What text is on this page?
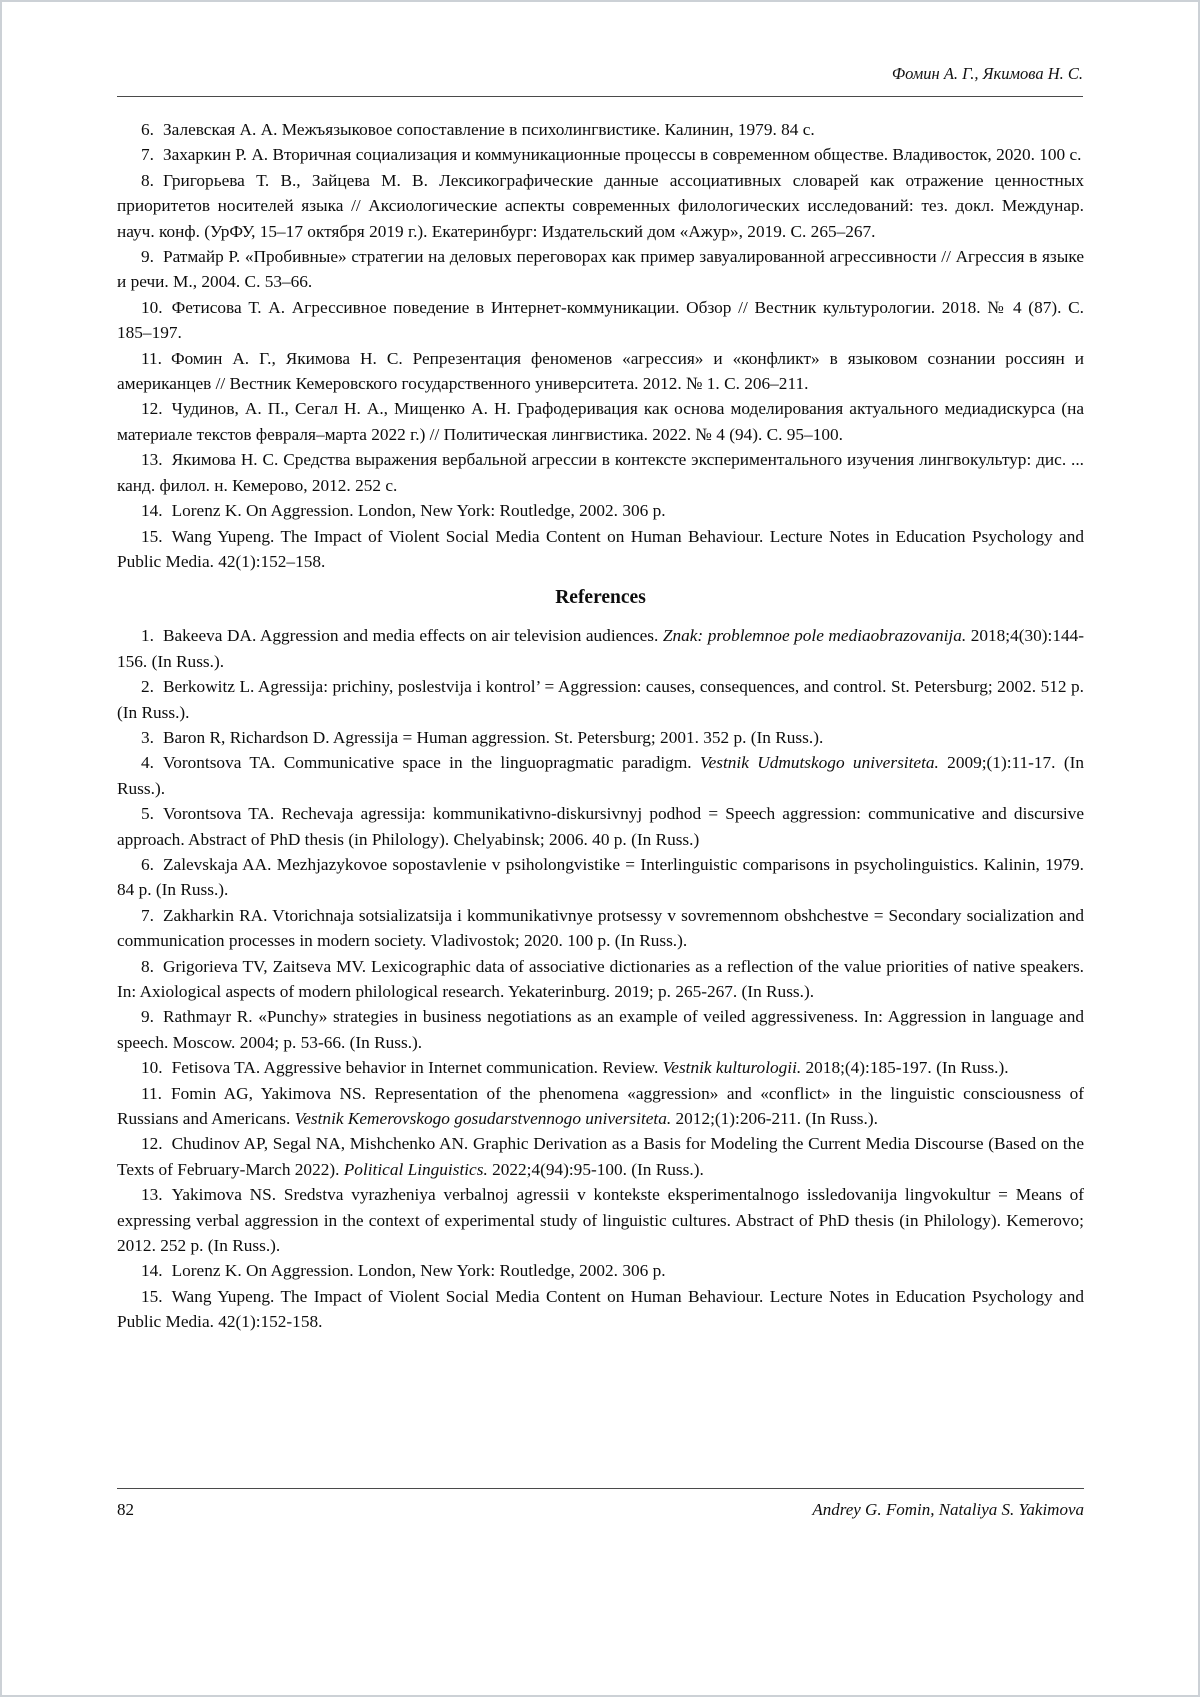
Фомин А. Г., Якимова Н. С.

6. Залевская А. А. Межъязыковое сопоставление в психолингвистике. Калинин, 1979. 84 с.

7. Захаркин Р. А. Вторичная социализация и коммуникационные процессы в современном обществе. Владивосток, 2020. 100 с.

8. Григорьева Т. В., Зайцева М. В. Лексикографические данные ассоциативных словарей как отражение ценностных приоритетов носителей языка // Аксиологические аспекты современных филологических исследований: тез. докл. Междунар. науч. конф. (УрФУ, 15–17 октября 2019 г.). Екатеринбург: Издательский дом «Ажур», 2019. С. 265–267.

9. Ратмайр Р. «Пробивные» стратегии на деловых переговорах как пример завуалированной агрессивности // Агрессия в языке и речи. М., 2004. С. 53–66.

10. Фетисова Т. А. Агрессивное поведение в Интернет-коммуникации. Обзор // Вестник культурологии. 2018. № 4 (87). С. 185–197.

11. Фомин А. Г., Якимова Н. С. Репрезентация феноменов «агрессия» и «конфликт» в языковом сознании россиян и американцев // Вестник Кемеровского государственного университета. 2012. № 1. С. 206–211.

12. Чудинов, А. П., Сегал Н. А., Мищенко А. Н. Графодеривация как основа моделирования актуального медиадискурса (на материале текстов февраля–марта 2022 г.) // Политическая лингвистика. 2022. № 4 (94). С. 95–100.

13. Якимова Н. С. Средства выражения вербальной агрессии в контексте экспериментального изучения лингвокультур: дис. ... канд. филол. н. Кемерово, 2012. 252 с.

14. Lorenz K. On Aggression. London, New York: Routledge, 2002. 306 p.

15. Wang Yupeng. The Impact of Violent Social Media Content on Human Behaviour. Lecture Notes in Education Psychology and Public Media. 42(1):152–158.

References

1. Bakeeva DA. Aggression and media effects on air television audiences. Znak: problemnoe pole mediaobrazovanija. 2018;4(30):144-156. (In Russ.).

2. Berkowitz L. Agressija: prichiny, poslestvija i kontrol’ = Aggression: causes, consequences, and control. St. Petersburg; 2002. 512 p. (In Russ.).

3. Baron R, Richardson D. Agressija = Human aggression. St. Petersburg; 2001. 352 p. (In Russ.).

4. Vorontsova TA. Communicative space in the linguopragmatic paradigm. Vestnik Udmutskogo universiteta. 2009;(1):11-17. (In Russ.).

5. Vorontsova TA. Rechevaja agressija: kommunikativno-diskursivnyj podhod = Speech aggression: communicative and discursive approach. Abstract of PhD thesis (in Philology). Chelyabinsk; 2006. 40 p. (In Russ.)

6. Zalevskaja AA. Mezhjazykovoe sopostavlenie v psiholongvistike = Interlinguistic comparisons in psycholinguistics. Kalinin, 1979. 84 p. (In Russ.).

7. Zakharkin RA. Vtorichnaja sotsializatsija i kommunikativnye protsessy v sovremennom obshchestve = Secondary socialization and communication processes in modern society. Vladivostok; 2020. 100 p. (In Russ.).

8. Grigorieva TV, Zaitseva MV. Lexicographic data of associative dictionaries as a reflection of the value priorities of native speakers. In: Axiological aspects of modern philological research. Yekaterinburg. 2019; p. 265-267. (In Russ.).

9. Rathmayr R. «Punchy» strategies in business negotiations as an example of veiled aggressiveness. In: Aggression in language and speech. Moscow. 2004; p. 53-66. (In Russ.).

10. Fetisova TA. Aggressive behavior in Internet communication. Review. Vestnik kulturologii. 2018;(4):185-197. (In Russ.).

11. Fomin AG, Yakimova NS. Representation of the phenomena «aggression» and «conflict» in the linguistic consciousness of Russians and Americans. Vestnik Kemerovskogo gosudarstvennogo universiteta. 2012;(1):206-211. (In Russ.).

12. Chudinov AP, Segal NA, Mishchenko AN. Graphic Derivation as a Basis for Modeling the Current Media Discourse (Based on the Texts of February-March 2022). Political Linguistics. 2022;4(94):95-100. (In Russ.).

13. Yakimova NS. Sredstva vyrazheniya verbalnoj agressii v kontekste eksperimentalnogo issledovanija lingvokultur = Means of expressing verbal aggression in the context of experimental study of linguistic cultures. Abstract of PhD thesis (in Philology). Kemerovo; 2012. 252 p. (In Russ.).

14. Lorenz K. On Aggression. London, New York: Routledge, 2002. 306 p.

15. Wang Yupeng. The Impact of Violent Social Media Content on Human Behaviour. Lecture Notes in Education Psychology and Public Media. 42(1):152-158.

82	Andrey G. Fomin, Nataliya S. Yakimova
